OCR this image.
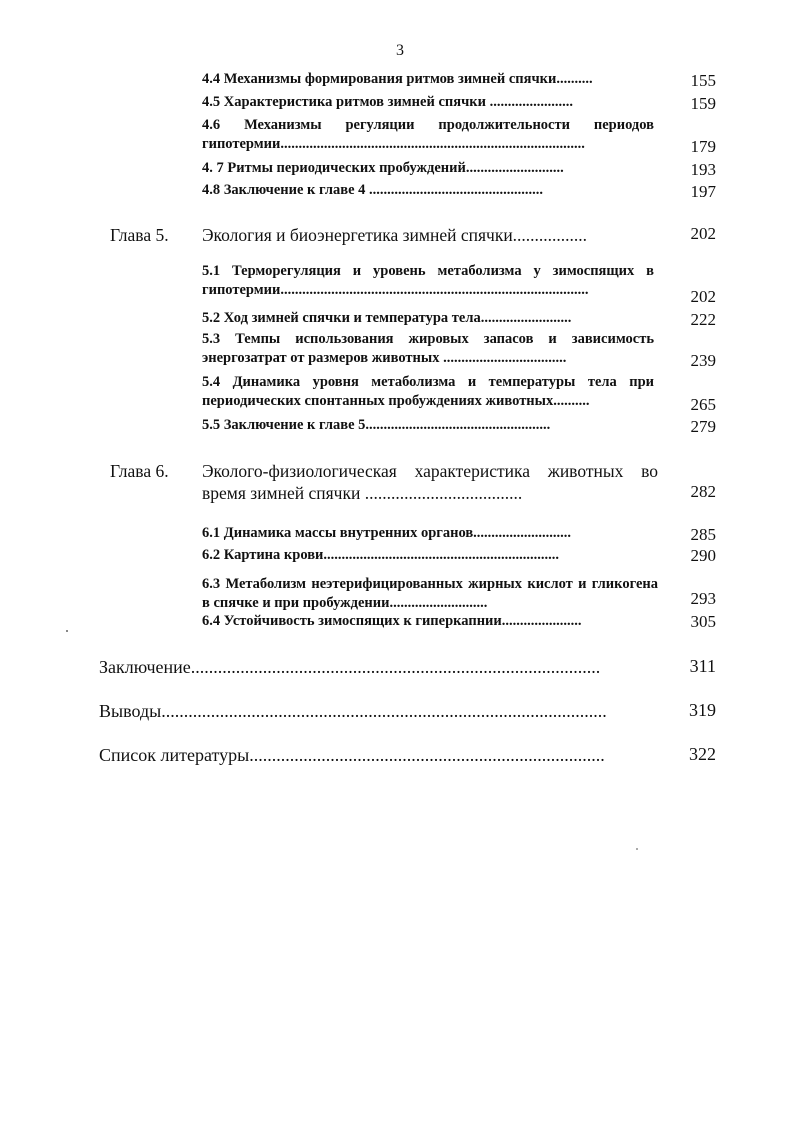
3
4.4 Механизмы формирования ритмов зимней спячки..........	155
4.5 Характеристика ритмов зимней спячки .......................	159
4.6 Механизмы регуляции продолжительности периодов гипотермии....................................................................................	179
4. 7 Ритмы периодических пробуждений...........................	193
4.8 Заключение к главе 4 ................................................	197
Глава 5. Экология и биоэнергетика зимней спячки.................	202
5.1 Терморегуляция и уровень метаболизма у зимоспящих в гипотермии.....................................................................................	202
5.2 Ход зимней спячки и температура тела.........................	222
5.3 Темпы использования жировых запасов и зависимость энергозатрат от размеров животных ..................................	239
5.4 Динамика уровня метаболизма и температуры тела при периодических спонтанных пробуждениях животных..........	265
5.5 Заключение к главе 5...................................................	279
Глава 6. Эколого-физиологическая характеристика животных во время зимней спячки ....................................	282
6.1 Динамика массы внутренних органов...........................	285
6.2 Картина крови.................................................................	290
6.3 Метаболизм неэтерифицированных жирных кислот и гликогена в спячке и при пробуждении...........................	293
6.4 Устойчивость зимоспящих к гиперкапнии......................	305
Заключение...........................................................................................	311
Выводы...................................................................................................	319
Список литературы...............................................................................	322
